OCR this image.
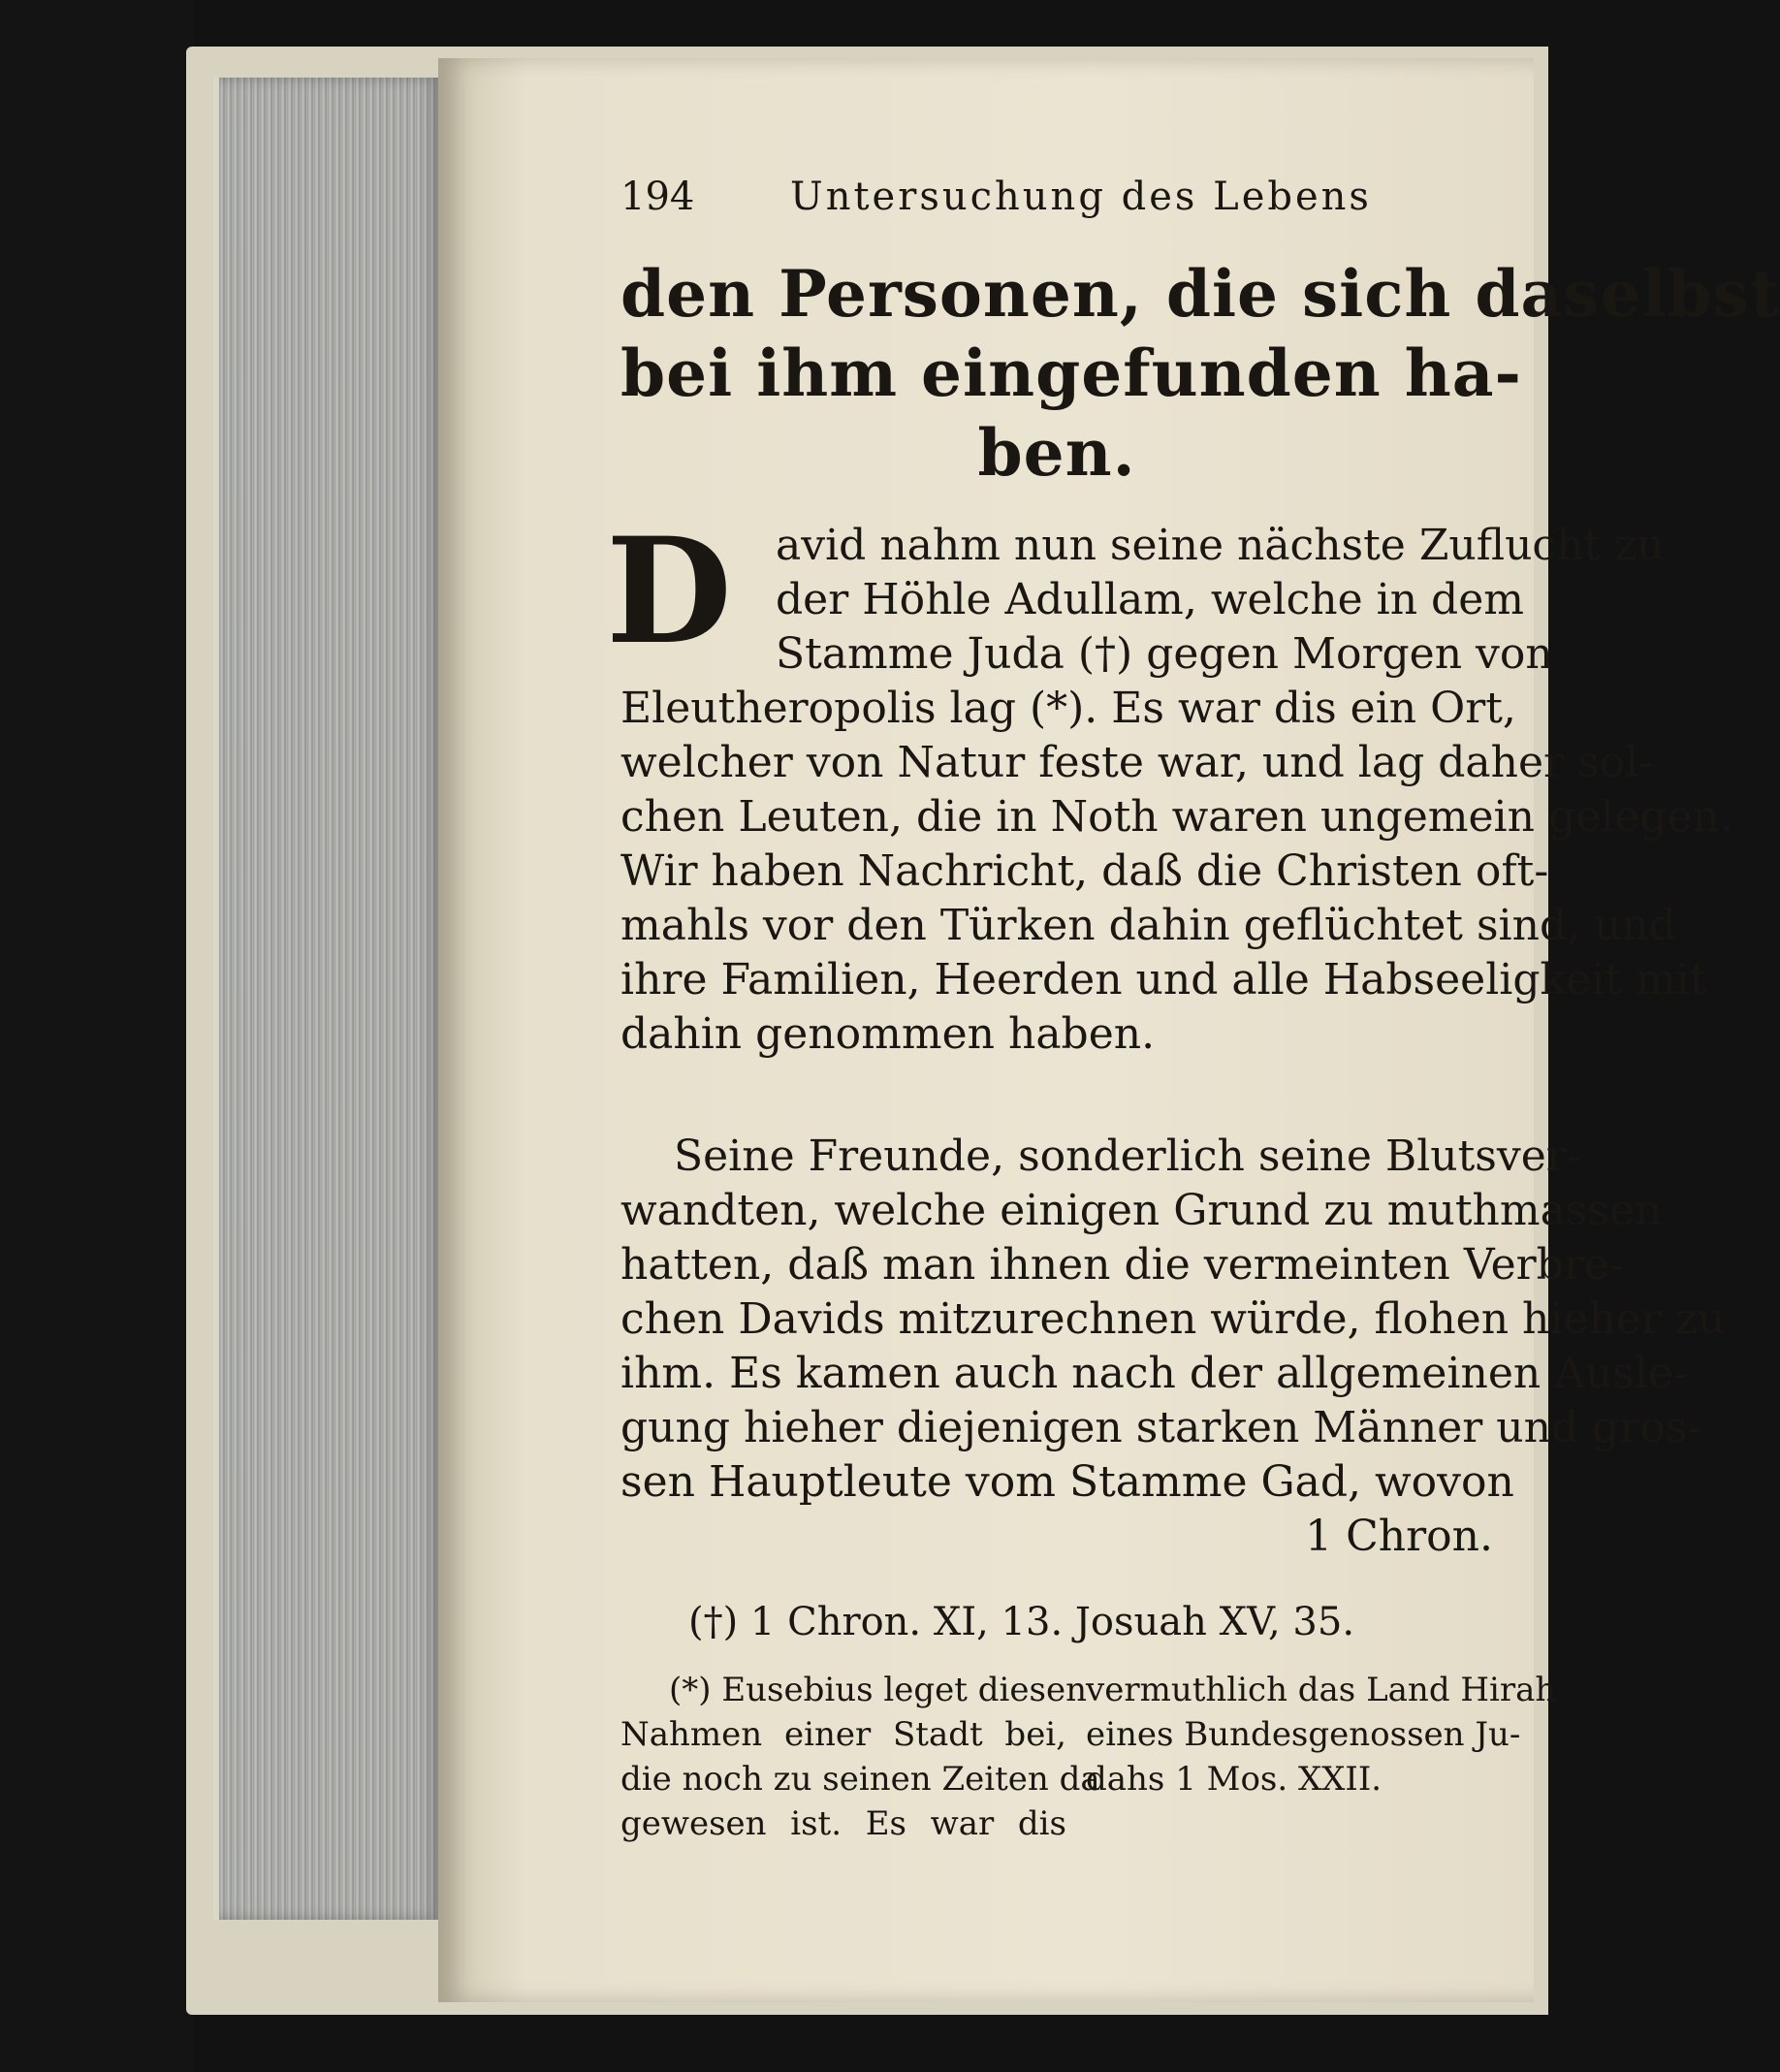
194 Untersuchung des Lebens
den Personen, die sich daselbst
bei ihm eingefunden ha-
ben.
D	avid nahm nun seine nächste Zuflucht zu
der Höhle Adullam, welche in dem
Stamme Juda (†) gegen Morgen von
Eleutheropolis lag (*). Es war dis ein Ort,
welcher von Natur feste war, und lag daher sol-
chen Leuten, die in Noth waren ungemein gelegen.
Wir haben Nachricht, daß die Christen oft-
mahls vor den Türken dahin geflüchtet sind, und
ihre Familien, Heerden und alle Habseeligkeit mit
dahin genommen haben.
Seine Freunde, sonderlich seine Blutsver-
wandten, welche einigen Grund zu muthmassen
hatten, daß man ihnen die vermeinten Verbre-
chen Davids mitzurechnen würde, flohen hieher zu
ihm. Es kamen auch nach der allgemeinen Ausle-
gung hieher diejenigen starken Männer und gros-
sen Hauptleute vom Stamme Gad, wovon
1 Chron.
(†) 1 Chron. XI, 13. Josuah XV, 35.
(*) Eusebius leget diesen
Nahmen einer Stadt bei,
die noch zu seinen Zeiten da
gewesen ist. Es war dis
vermuthlich das Land Hirah
eines Bundesgenossen Ju-
dahs 1 Mos. XXII.
